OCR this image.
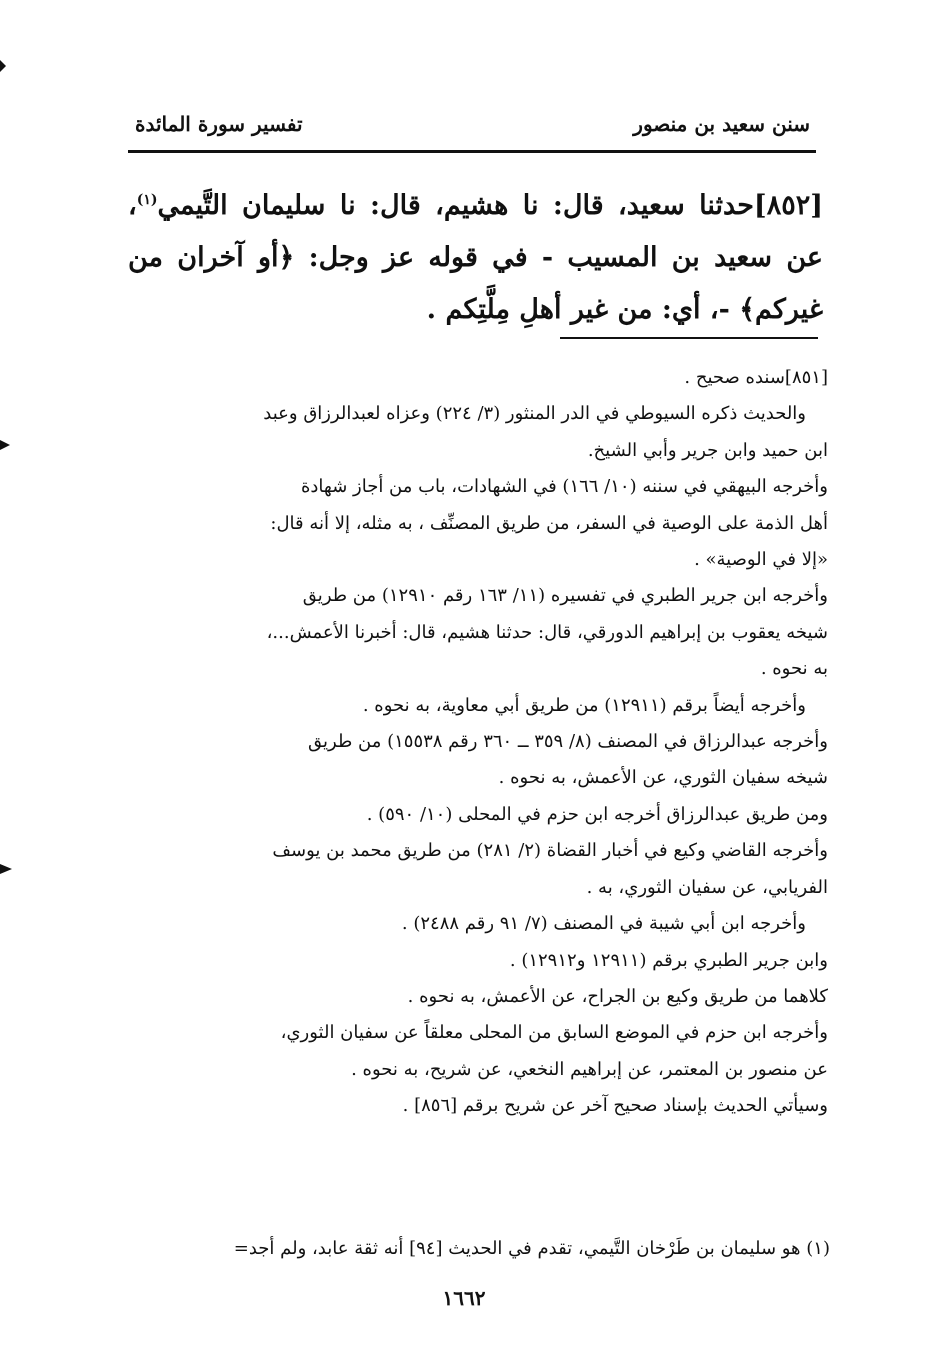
سنن سعيد بن منصور
تفسير سورة المائدة

[٨٥٢]حدثنا سعيد، قال: نا هشيم، قال: نا سليمان التَّيمي$^{(١)}$، عن سعيد بن المسيب - في قوله عز وجل: ﴿أو آخران من غيركم﴾ -، أي: من غير أهلِ مِلَّتِكم .

[٨٥١]سنده صحيح .

والحديث ذكره السيوطي في الدر المنثور (٣/ ٢٢٤) وعزاه لعبدالرزاق وعبد

ابن حميد وابن جرير وأبي الشيخ.

وأخرجه البيهقي في سننه (١٠/ ١٦٦) في الشهادات، باب من أجاز شهادة

أهل الذمة على الوصية في السفر، من طريق المصنِّف ، به مثله، إلا أنه قال:

«إلا في الوصية» .

وأخرجه ابن جرير الطبري في تفسيره (١١/ ١٦٣ رقم ١٢٩١٠) من طريق

شيخه يعقوب بن إبراهيم الدورقي، قال: حدثنا هشيم، قال: أخبرنا الأعمش...،

به نحوه .

وأخرجه أيضاً برقم (١٢٩١١) من طريق أبي معاوية، به نحوه .

وأخرجه عبدالرزاق في المصنف (٨/ ٣٥٩ ــ ٣٦٠ رقم ١٥٥٣٨) من طريق

شيخه سفيان الثوري، عن الأعمش، به نحوه .

ومن طريق عبدالرزاق أخرجه ابن حزم في المحلى (١٠/ ٥٩٠) .

وأخرجه القاضي وكيع في أخبار القضاة (٢/ ٢٨١) من طريق محمد بن يوسف

الفريابي، عن سفيان الثوري، به .

وأخرجه ابن أبي شيبة في المصنف (٧/ ٩١ رقم ٢٤٨٨) .

وابن جرير الطبري برقم (١٢٩١١ و١٢٩١٢) .

كلاهما من طريق وكيع بن الجراح، عن الأعمش، به نحوه .

وأخرجه ابن حزم في الموضع السابق من المحلى معلقاً عن سفيان الثوري،

عن منصور بن المعتمر، عن إبراهيم النخعي، عن شريح، به نحوه .

وسيأتي الحديث بإسناد صحيح آخر عن شريح برقم [٨٥٦] .

(١) هو سليمان بن طَرْخان التَّيمي، تقدم في الحديث [٩٤] أنه ثقة عابد، ولم أجد=
١٦٦٢
